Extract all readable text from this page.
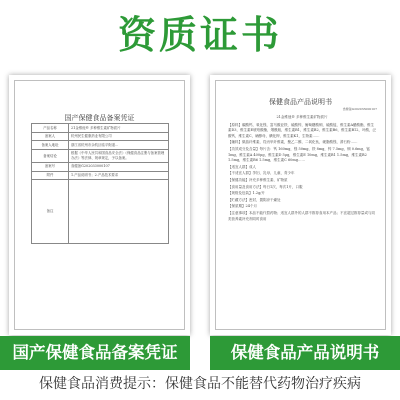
资质证书
国产保健食品备案凭证
产品名称	21金维他® 多种维生素矿物质片
备案人	杭州民生健康药业有限公司
备案人地址	浙江省杭州市余杭区临平街道...
备案结论	根据《中华人民共和国食品安全法》《保健食品注册与备案管理办法》等法律、规章规定，予以备案。
备案号	食健备G202033000107
附件	1.产品说明书；2.产品技术要求
备注	
保健食品产品说明书
食健备G202033000107

21金维他® 多种维生素矿物质片

【原料】碳酸钙，氧化镁，富马酸亚铁，硫酸锌，葡萄糖酸铜，硫酸锰，维生素A醋酸酯，维生素D3，维生素E琥珀酸酯，烟酰胺，维生素B1，维生素B2，维生素B6，维生素B12，叶酸，泛酸钙，维生素C，硒酵母，碘化钾，维生素K1，生物素……

【辅料】微晶纤维素，羟丙甲纤维素，聚乙二醇，二氧化钛，硬脂酸镁，滑石粉……

【功效成分及含量】每片含：钙 160mg，镁 50mg，铁 8mg，锌 7.5mg，铜 0.6mg，锰 1mg，维生素A 400μg，维生素D 5μg，维生素E 10mg，维生素B1 1.5mg，维生素B2 1.5mg，维生素B6 1.5mg，维生素C 60mg……

【适宜人群】成人

【不适宜人群】孕妇、乳母、儿童、青少年

【保健功能】补充多种维生素、矿物质

【食用量及食用方法】每日1次，每次1片，口服

【规格及包装】1.2g/片

【贮藏方法】密封，置阴凉干燥处

【保质期】24个月

【注意事项】本品不能代替药物；适宜人群外的人群不推荐食用本产品；不宜超过推荐量或与同类营养素补充剂同时食用

国产保健食品备案凭证	保健食品产品说明书
保健食品消费提示：保健食品不能替代药物治疗疾病
